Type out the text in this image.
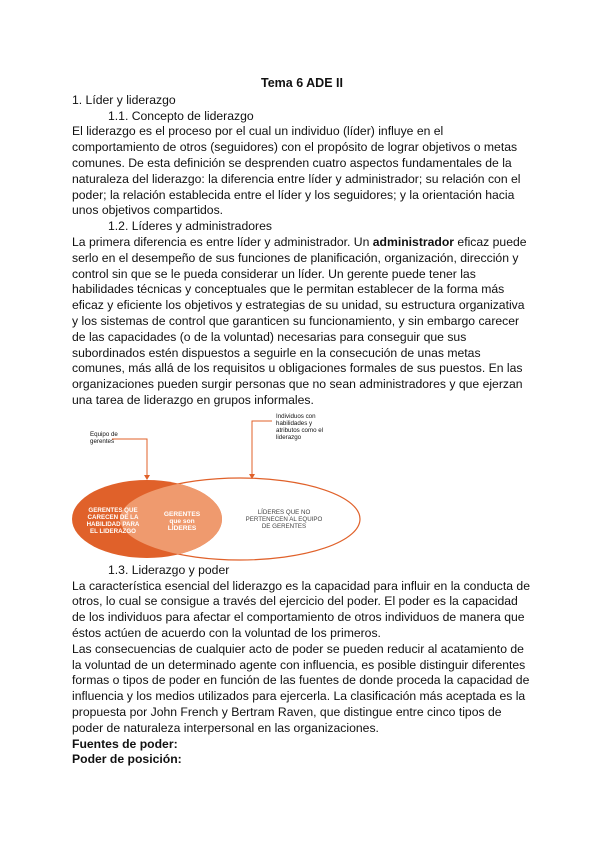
Tema 6 ADE II
1. Líder y liderazgo
1.1. Concepto de liderazgo

El liderazgo es el proceso por el cual un individuo (líder) influye en el comportamiento de otros (seguidores) con el propósito de lograr objetivos o metas comunes. De esta definición se desprenden cuatro aspectos fundamentales de la naturaleza del liderazgo: la diferencia entre líder y administrador; su relación con el poder; la relación establecida entre el líder y los seguidores; y la orientación hacia unos objetivos compartidos.

1.2. Líderes y administradores

La primera diferencia es entre líder y administrador. Un administrador eficaz puede serlo en el desempeño de sus funciones de planificación, organización, dirección y control sin que se le pueda considerar un líder. Un gerente puede tener las habilidades técnicas y conceptuales que le permitan establecer de la forma más eficaz y eficiente los objetivos y estrategias de su unidad, su estructura organizativa y los sistemas de control que garanticen su funcionamiento, y sin embargo carecer de las capacidades (o de la voluntad) necesarias para conseguir que sus subordinados estén dispuestos a seguirle en la consecución de unas metas comunes, más allá de los requisitos u obligaciones formales de sus puestos. En las organizaciones pueden surgir personas que no sean administradores y que ejerzan una tarea de liderazgo en grupos informales.

Equipo de gerentes
Individuos con habilidades y atributos como el liderazgo
GERENTES QUE CARECEN DE LA HABILIDAD PARA EL LIDERAZGO
GERENTES que son LÍDERES
LÍDERES QUE NO PERTENECEN AL EQUIPO DE GERENTES
1.3. Liderazgo y poder

La característica esencial del liderazgo es la capacidad para influir en la conducta de otros, lo cual se consigue a través del ejercicio del poder. El poder es la capacidad de los individuos para afectar el comportamiento de otros individuos de manera que éstos actúen de acuerdo con la voluntad de los primeros.

Las consecuencias de cualquier acto de poder se pueden reducir al acatamiento de la voluntad de un determinado agente con influencia, es posible distinguir diferentes formas o tipos de poder en función de las fuentes de donde proceda la capacidad de influencia y los medios utilizados para ejercerla. La clasificación más aceptada es la propuesta por John French y Bertram Raven, que distingue entre cinco tipos de poder de naturaleza interpersonal en las organizaciones.

Fuentes de poder:
Poder de posición:
